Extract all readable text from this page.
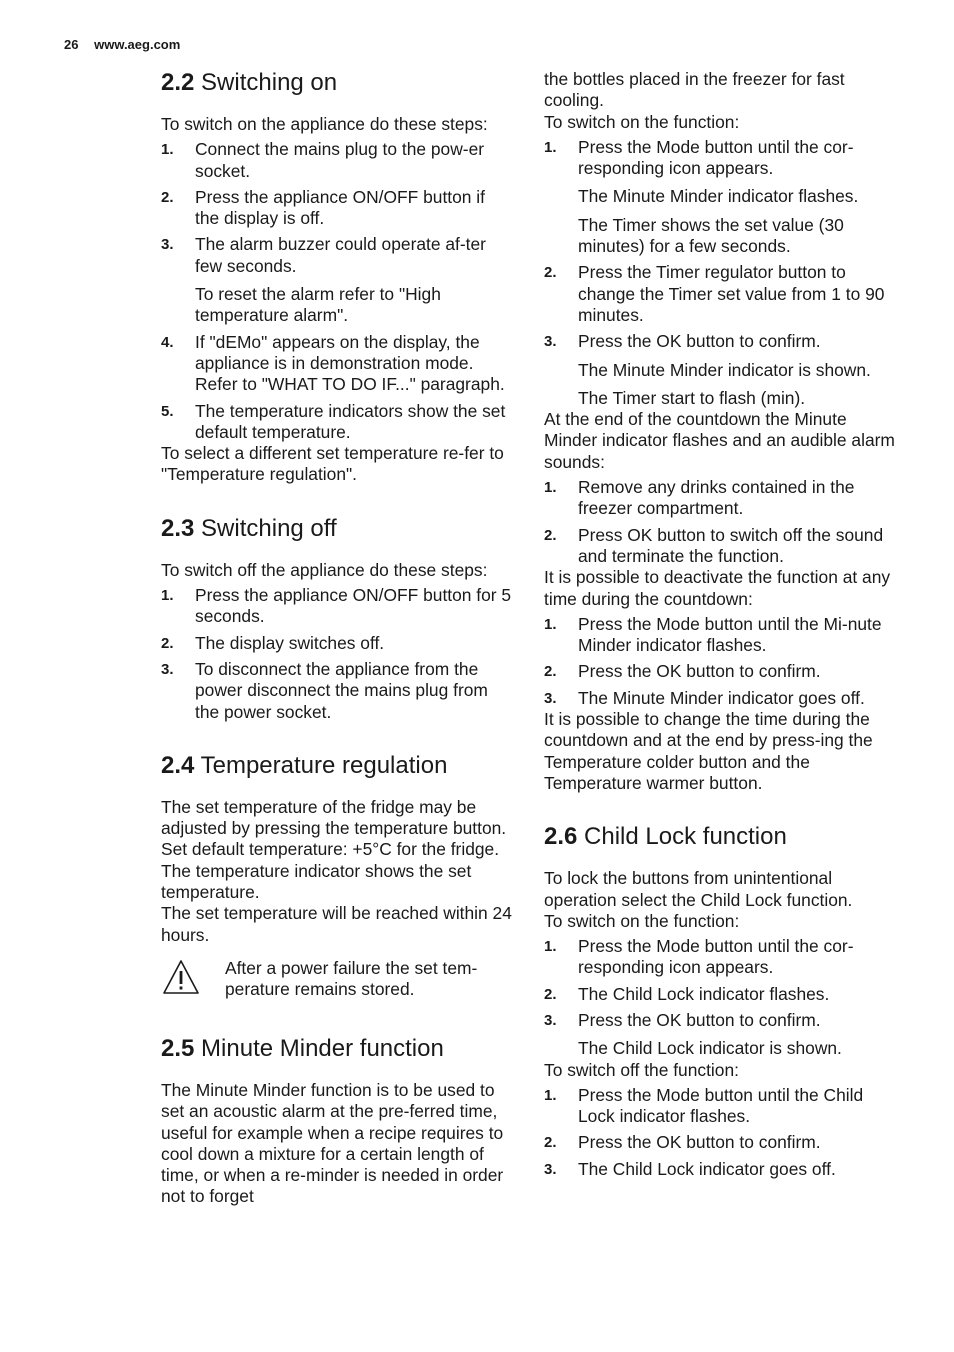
26 www.aeg.com
2.2 Switching on

To switch on the appliance do these steps:

1. Connect the mains plug to the pow-er socket.
2. Press the appliance ON/OFF button if the display is off.
3. The alarm buzzer could operate af-ter few seconds.
To reset the alarm refer to "High temperature alarm".
4. If "dEMo" appears on the display, the appliance is in demonstration mode. Refer to "WHAT TO DO IF..." paragraph.
5. The temperature indicators show the set default temperature.

To select a different set temperature re-fer to "Temperature regulation".

2.3 Switching off

To switch off the appliance do these steps:

1. Press the appliance ON/OFF button for 5 seconds.
2. The display switches off.
3. To disconnect the appliance from the power disconnect the mains plug from the power socket.
2.4 Temperature regulation

The set temperature of the fridge may be adjusted by pressing the temperature button.

Set default temperature: +5°C for the fridge.

The temperature indicator shows the set temperature.

The set temperature will be reached within 24 hours.

After a power failure the set tem-perature remains stored.

2.5 Minute Minder function

The Minute Minder function is to be used to set an acoustic alarm at the pre-ferred time, useful for example when a recipe requires to cool down a mixture for a certain length of time, or when a re-minder is needed in order not to forget

the bottles placed in the freezer for fast cooling.

To switch on the function:

1. Press the Mode button until the cor-responding icon appears.
The Minute Minder indicator flashes.
The Timer shows the set value (30 minutes) for a few seconds.
2. Press the Timer regulator button to change the Timer set value from 1 to 90 minutes.
3. Press the OK button to confirm.
The Minute Minder indicator is shown.
The Timer start to flash (min).

At the end of the countdown the Minute Minder indicator flashes and an audible alarm sounds:

1. Remove any drinks contained in the freezer compartment.
2. Press OK button to switch off the sound and terminate the function.

It is possible to deactivate the function at any time during the countdown:

1. Press the Mode button until the Mi-nute Minder indicator flashes.
2. Press the OK button to confirm.
3. The Minute Minder indicator goes off.

It is possible to change the time during the countdown and at the end by press-ing the Temperature colder button and the Temperature warmer button.

2.6 Child Lock function

To lock the buttons from unintentional operation select the Child Lock function.

To switch on the function:

1. Press the Mode button until the cor-responding icon appears.
2. The Child Lock indicator flashes.
3. Press the OK button to confirm.
The Child Lock indicator is shown.

To switch off the function:

1. Press the Mode button until the Child Lock indicator flashes.
2. Press the OK button to confirm.
3. The Child Lock indicator goes off.
